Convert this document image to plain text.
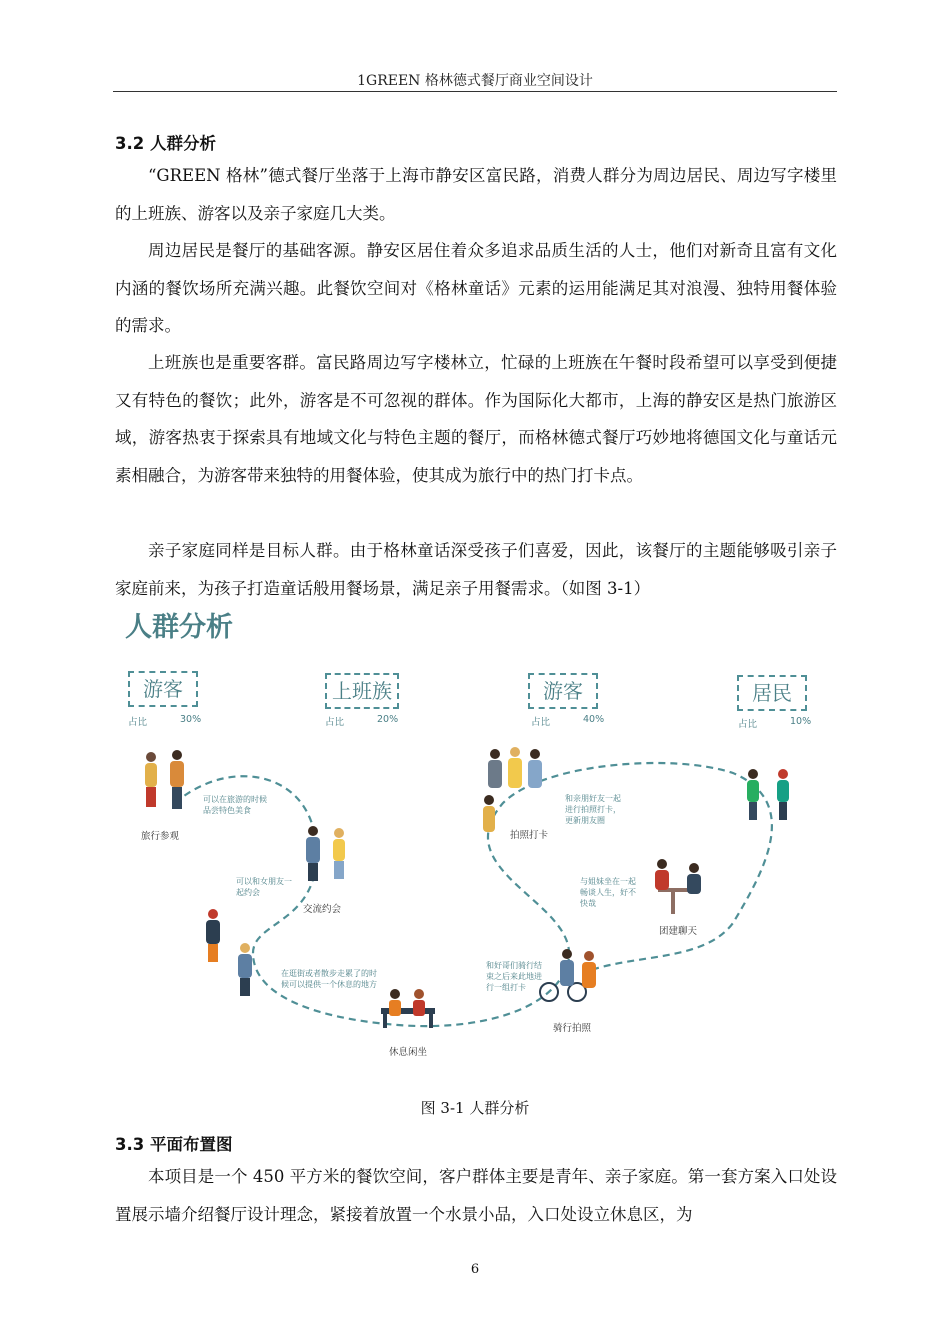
1GREEN 格林德式餐厅商业空间设计
3.2 人群分析

“GREEN 格林”德式餐厅坐落于上海市静安区富民路，消费人群分为周边居民、周边写字楼里的上班族、游客以及亲子家庭几大类。

周边居民是餐厅的基础客源。静安区居住着众多追求品质生活的人士，他们对新奇且富有文化内涵的餐饮场所充满兴趣。此餐饮空间对《格林童话》元素的运用能满足其对浪漫、独特用餐体验的需求。

上班族也是重要客群。富民路周边写字楼林立，忙碌的上班族在午餐时段希望可以享受到便捷又有特色的餐饮；此外，游客是不可忽视的群体。作为国际化大都市，上海的静安区是热门旅游区域，游客热衷于探索具有地域文化与特色主题的餐厅，而格林德式餐厅巧妙地将德国文化与童话元素相融合，为游客带来独特的用餐体验，使其成为旅行中的热门打卡点。

亲子家庭同样是目标人群。由于格林童话深受孩子们喜爱，因此，该餐厅的主题能够吸引亲子家庭前来，为孩子打造童话般用餐场景，满足亲子用餐需求。（如图 3-1）

人群分析
游客
占比	30%
上班族
占比	20%
游客
占比	40%
居民
占比	10%
旅行参观
交流约会
休息闲坐
拍照打卡
团建聊天
骑行拍照
可以在旅游的时候
品尝特色美食
可以和女朋友一
起约会
在逛街或者散步走累了的时
候可以提供一个休息的地方
和亲朋好友一起
进行拍照打卡，
更新朋友圈
与姐妹坐在一起
畅谈人生，好不
快哉
和好哥们骑行结
束之后来此地进
行一组打卡
图 3-1 人群分析
3.3 平面布置图

本项目是一个 450 平方米的餐饮空间，客户群体主要是青年、亲子家庭。第一套方案入口处设置展示墙介绍餐厅设计理念，紧接着放置一个水景小品，入口处设立休息区，为

6
